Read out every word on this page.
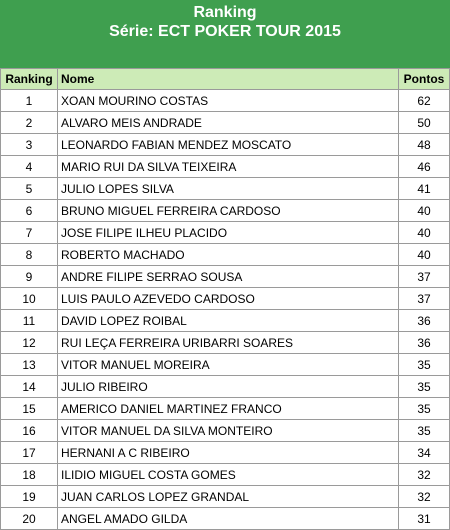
Ranking
Série: ECT POKER TOUR 2015
Ranking	Nome	Pontos
1	XOAN MOURINO COSTAS	62
2	ALVARO MEIS ANDRADE	50
3	LEONARDO FABIAN MENDEZ MOSCATO	48
4	MARIO RUI DA SILVA TEIXEIRA	46
5	JULIO LOPES SILVA	41
6	BRUNO MIGUEL FERREIRA CARDOSO	40
7	JOSE FILIPE ILHEU PLACIDO	40
8	ROBERTO MACHADO	40
9	ANDRE FILIPE SERRAO SOUSA	37
10	LUIS PAULO AZEVEDO CARDOSO	37
11	DAVID LOPEZ ROIBAL	36
12	RUI LEÇA FERREIRA URIBARRI SOARES	36
13	VITOR MANUEL MOREIRA	35
14	JULIO RIBEIRO	35
15	AMERICO DANIEL MARTINEZ FRANCO	35
16	VITOR MANUEL DA SILVA MONTEIRO	35
17	HERNANI A C RIBEIRO	34
18	ILIDIO MIGUEL COSTA GOMES	32
19	JUAN CARLOS LOPEZ GRANDAL	32
20	ANGEL AMADO GILDA	31
